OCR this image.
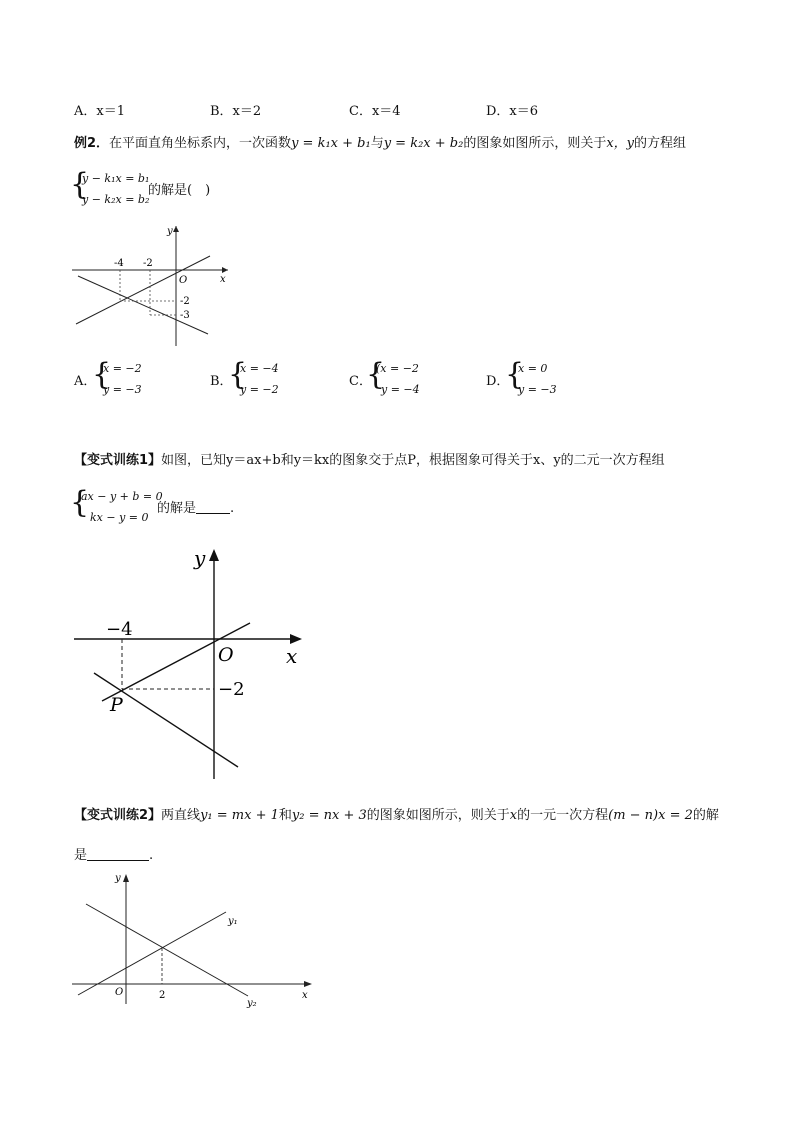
A．x＝1	B．x＝2	C．x＝4	D．x＝6
例2．在平面直角坐标系内，一次函数y = k₁x + b₁与y = k₂x + b₂的图象如图所示，则关于x，y的方程组
{
y − k₁x = b₁
y − k₂x = b₂
的解是(　)
-4 -2
-2
-3
x
y
O
A．
{
x = −2
y = −3
B．
{
x = −4
y = −2
C．
{
(x = −2
y = −4
D．
{
x = 0
y = −3
【变式训练1】如图，已知y＝ax+b和y＝kx的图象交于点P，根据图象可得关于x、y的二元一次方程组
{
ax − y + b = 0
kx − y = 0
的解是	.
−4
−2
x
y
O
P
【变式训练2】两直线y₁ = mx + 1和y₂ = nx + 3的图象如图所示，则关于x的一元一次方程(m − n)x = 2的解
是	.
2	x
y
O
y₁
y₂
